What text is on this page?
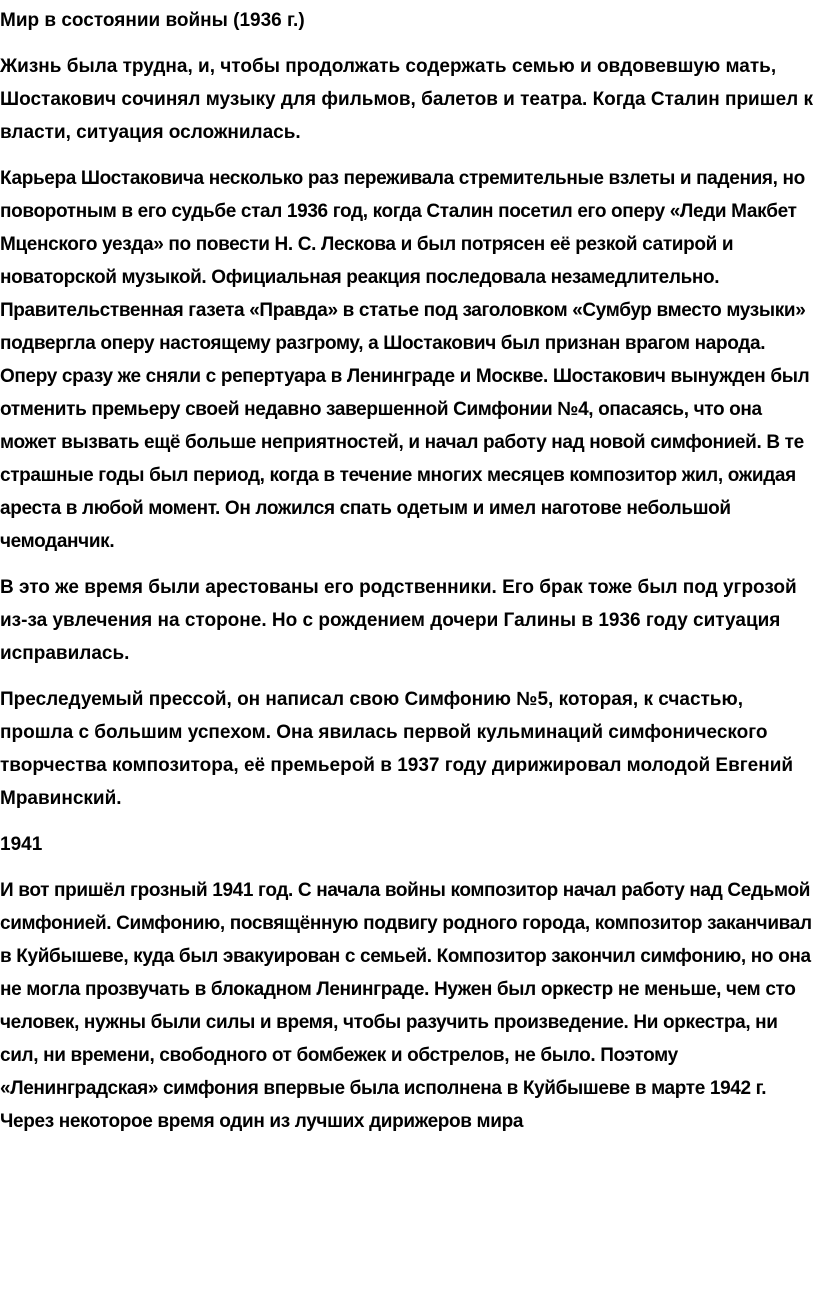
Мир в состоянии войны (1936 г.)

Жизнь была трудна, и, чтобы продолжать содержать семью и овдовевшую мать, Шостакович сочинял музыку для фильмов, балетов и театра. Когда Сталин пришел к власти, ситуация осложнилась.

Карьера Шостаковича несколько раз переживала стремительные взлеты и падения, но поворотным в его судьбе стал 1936 год, когда Сталин посетил его оперу «Леди Макбет Мценского уезда» по повести Н. С. Лескова и был потрясен её резкой сатирой и новаторской музыкой. Официальная реакция последовала незамедлительно. Правительственная газета «Правда» в статье под заголовком «Сумбур вместо музыки» подвергла оперу настоящему разгрому, а Шостакович был признан врагом народа. Оперу сразу же сняли с репертуара в Ленинграде и Москве. Шостакович вынужден был отменить премьеру своей недавно завершенной Симфонии №4, опасаясь, что она может вызвать ещё больше неприятностей, и начал работу над новой симфонией. В те страшные годы был период, когда в течение многих месяцев композитор жил, ожидая ареста в любой момент. Он ложился спать одетым и имел наготове небольшой чемоданчик.

В это же время были арестованы его родственники. Его брак тоже был под угрозой из-за увлечения на стороне. Но с рождением дочери Галины в 1936 году ситуация исправилась.

Преследуемый прессой, он написал свою Симфонию №5, которая, к счастью, прошла с большим успехом. Она явилась первой кульминаций симфонического творчества композитора, её премьерой в 1937 году дирижировал молодой Евгений Мравинский.

1941

И вот пришёл грозный 1941 год. С начала войны композитор начал работу над Седьмой симфонией. Симфонию, посвящённую подвигу родного города, композитор заканчивал в Куйбышеве, куда был эвакуирован с семьей. Композитор закончил симфонию, но она не могла прозвучать в блокадном Ленинграде. Нужен был оркестр не меньше, чем сто человек, нужны были силы и время, чтобы разучить произведение. Ни оркестра, ни сил, ни времени, свободного от бомбежек и обстрелов, не было. Поэтому «Ленинградская» симфония впервые была исполнена в Куйбышеве в марте 1942 г. Через некоторое время один из лучших дирижеров мира
